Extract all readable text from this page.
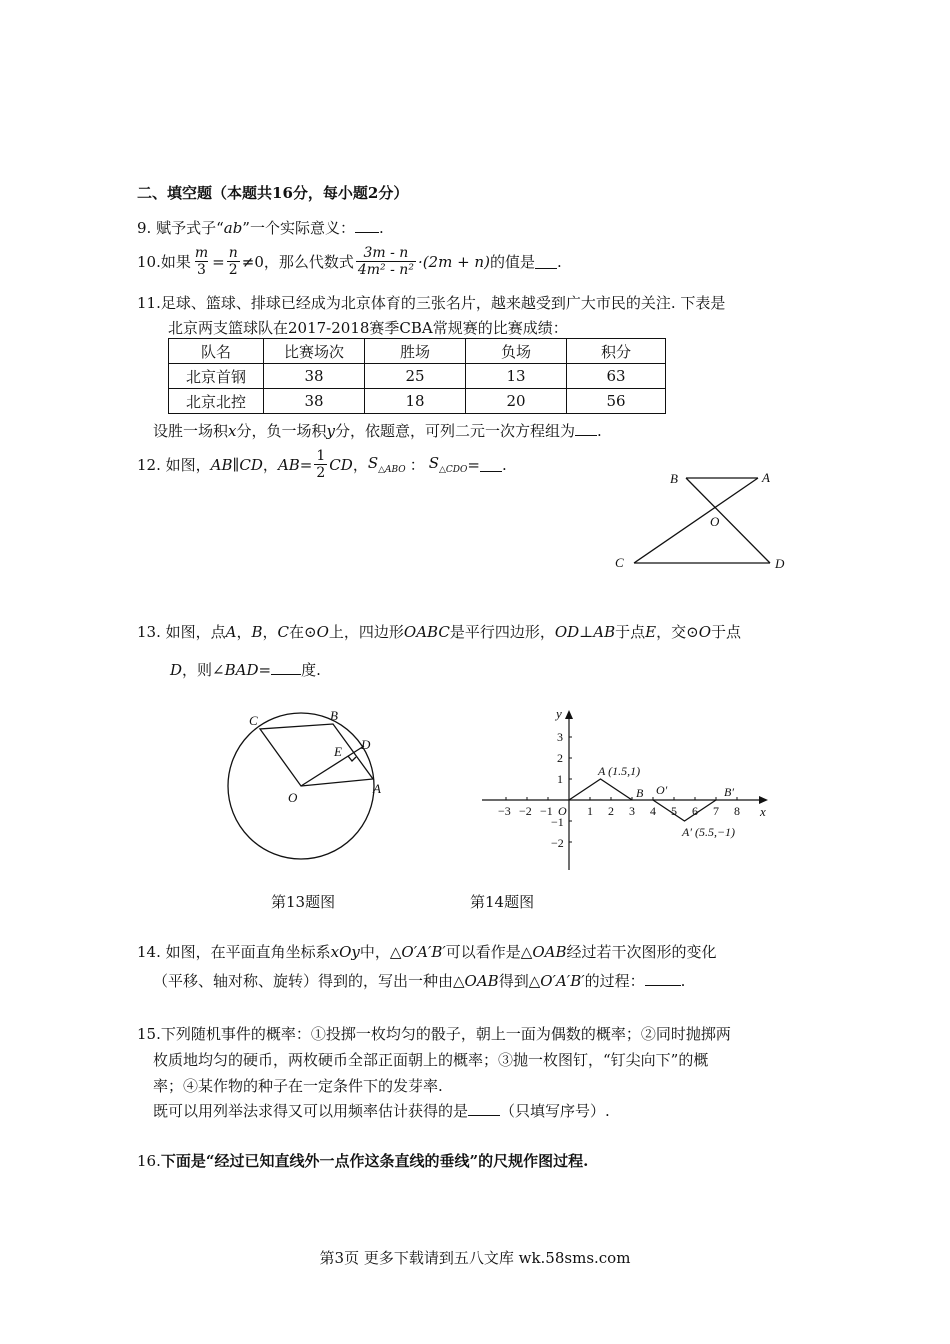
二、填空题（本题共16分，每小题2分）
9. 赋予式子“ab”一个实际意义： .
10.如果 $\frac{m}{3} = \frac{n}{2} \ne 0$，那么代数式 $\frac{3m - n}{\text{4m² - n²}} \cdot(2m + n)$ 的值是 .
11.足球、篮球、排球已经成为北京体育的三张名片，越来越受到广大市民的关注. 下表是
北京两支篮球队在2017-2018赛季CBA常规赛的比赛成绩：
队名	比赛场次	胜场	负场	积分
北京首钢	38	25	13	63
北京北控	38	18	20	56
设胜一场积x分，负一场积y分，依题意，可列二元一次方程组为 .
12. 如图， AB∥CD ， $AB= \frac{1}{2}$ CD ， $S_{\triangle ABO}$ ： $S_{\triangle CDO}$ = .
B	A
O
C	D
13. 如图，点A，B，C在⊙O上，四边形OABC是平行四边形，OD⊥AB于点E，交⊙O于点
D，则∠BAD= 度.
C	B
E D
O
A
y
x
O
−3 −2 −1	1 2 3 4 5 6 7 8
3
2
1
−1
−2
A (1.5,1)
B O′	B′
A′ (5.5,−1)
第13题图	第14题图
14. 如图，在平面直角坐标系xOy中，△O′A′B′可以看作是△OAB经过若干次图形的变化
（平移、轴对称、旋转）得到的，写出一种由△OAB得到△O′A′B′的过程： .
15.下列随机事件的概率：①投掷一枚均匀的骰子，朝上一面为偶数的概率；②同时抛掷两
枚质地均匀的硬币，两枚硬币全部正面朝上的概率；③抛一枚图钉，“钉尖向下”的概
率；④某作物的种子在一定条件下的发芽率.
既可以用列举法求得又可以用频率估计获得的是 （只填写序号）.
16.下面是“经过已知直线外一点作这条直线的垂线”的尺规作图过程.
第3页 更多下载请到五八文库 wk.58sms.com
